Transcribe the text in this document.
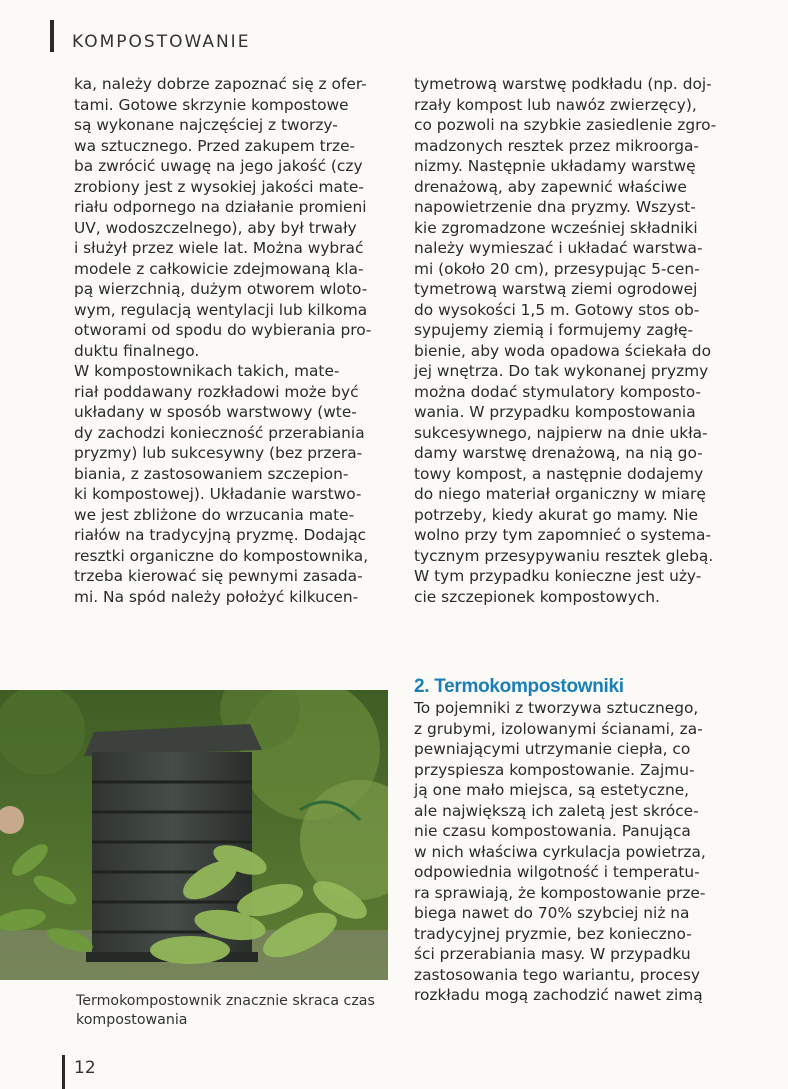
KOMPOSTOWANIE

ka, należy dobrze zapoznać się z ofer-

tami. Gotowe skrzynie kompostowe

są wykonane najczęściej z tworzy-

wa sztucznego. Przed zakupem trze-

ba zwrócić uwagę na jego jakość (czy

zrobiony jest z wysokiej jakości mate-

riału odpornego na działanie promieni

UV, wodoszczelnego), aby był trwały

i służył przez wiele lat. Można wybrać

modele z całkowicie zdejmowaną kla-

pą wierzchnią, dużym otworem wloto-

wym, regulacją wentylacji lub kilkoma

otworami od spodu do wybierania pro-

duktu finalnego.

W kompostownikach takich, mate-

riał poddawany rozkładowi może być

układany w sposób warstwowy (wte-

dy zachodzi konieczność przerabiania

pryzmy) lub sukcesywny (bez przera-

biania, z zastosowaniem szczepion-

ki kompostowej). Układanie warstwo-

we jest zbliżone do wrzucania mate-

riałów na tradycyjną pryzmę. Dodając

resztki organiczne do kompostownika,

trzeba kierować się pewnymi zasada-

mi. Na spód należy położyć kilkucen-

tymetrową warstwę podkładu (np. doj-

rzały kompost lub nawóz zwierzęcy),

co pozwoli na szybkie zasiedlenie zgro-

madzonych resztek przez mikroorga-

nizmy. Następnie układamy warstwę

drenażową, aby zapewnić właściwe

napowietrzenie dna pryzmy. Wszyst-

kie zgromadzone wcześniej składniki

należy wymieszać i układać warstwa-

mi (około 20 cm), przesypując 5-cen-

tymetrową warstwą ziemi ogrodowej

do wysokości 1,5 m. Gotowy stos ob-

sypujemy ziemią i formujemy zagłę-

bienie, aby woda opadowa ściekała do

jej wnętrza. Do tak wykonanej pryzmy

można dodać stymulatory komposto-

wania. W przypadku kompostowania

sukcesywnego, najpierw na dnie ukła-

damy warstwę drenażową, na nią go-

towy kompost, a następnie dodajemy

do niego materiał organiczny w miarę

potrzeby, kiedy akurat go mamy. Nie

wolno przy tym zapomnieć o systema-

tycznym przesypywaniu resztek glebą.

W tym przypadku konieczne jest uży-

cie szczepionek kompostowych.

2. Termokompostowniki

To pojemniki z tworzywa sztucznego,

z grubymi, izolowanymi ścianami, za-

pewniającymi utrzymanie ciepła, co

przyspiesza kompostowanie. Zajmu-

ją one mało miejsca, są estetyczne,

ale największą ich zaletą jest skróce-

nie czasu kompostowania. Panująca

w nich właściwa cyrkulacja powietrza,

odpowiednia wilgotność i temperatu-

ra sprawiają, że kompostowanie prze-

biega nawet do 70% szybciej niż na

tradycyjnej pryzmie, bez konieczno-

ści przerabiania masy. W przypadku

zastosowania tego wariantu, procesy

rozkładu mogą zachodzić nawet zimą

Termokompostownik znacznie skraca czas kompostowania

12
